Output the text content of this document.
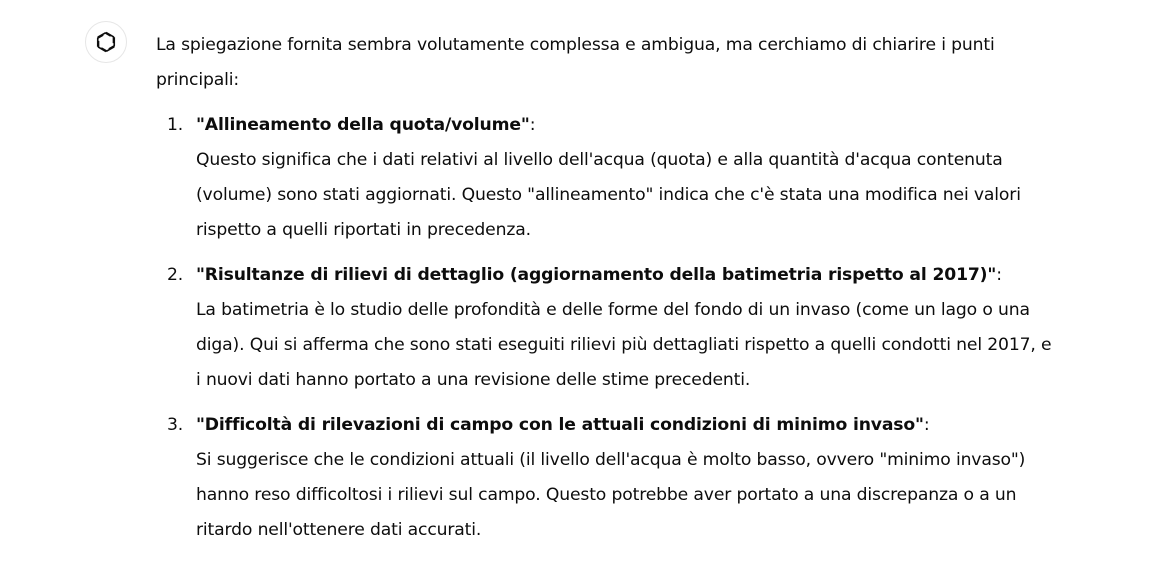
La spiegazione fornita sembra volutamente complessa e ambigua, ma cerchiamo di chiarire i punti principali:

1. "Allineamento della quota/volume":
Questo significa che i dati relativi al livello dell'acqua (quota) e alla quantità d'acqua contenuta (volume) sono stati aggiornati. Questo "allineamento" indica che c'è stata una modifica nei valori rispetto a quelli riportati in precedenza.
2. "Risultanze di rilievi di dettaglio (aggiornamento della batimetria rispetto al 2017)":
La batimetria è lo studio delle profondità e delle forme del fondo di un invaso (come un lago o una diga). Qui si afferma che sono stati eseguiti rilievi più dettagliati rispetto a quelli condotti nel 2017, e i nuovi dati hanno portato a una revisione delle stime precedenti.
3. "Difficoltà di rilevazioni di campo con le attuali condizioni di minimo invaso":
Si suggerisce che le condizioni attuali (il livello dell'acqua è molto basso, ovvero "minimo invaso") hanno reso difficoltosi i rilievi sul campo. Questo potrebbe aver portato a una discrepanza o a un ritardo nell'ottenere dati accurati.
